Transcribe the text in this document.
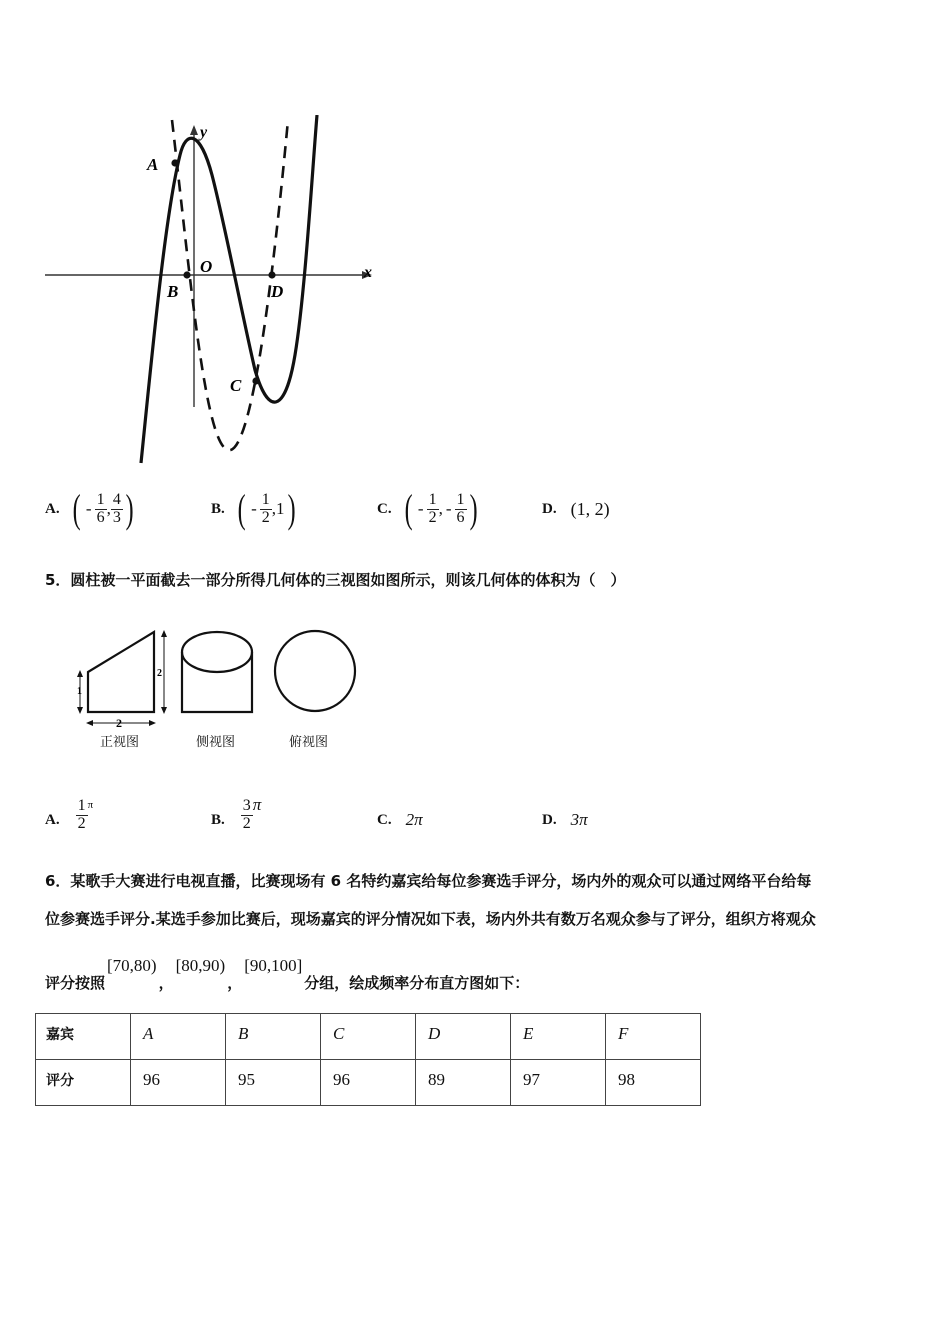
y
x
A
O
B	D
C
A. ( - $\frac{1}{6}$ , $\frac{4}{3}$ )	B. ( - $\frac{1}{2} ,1$ )	C. ( - $\frac{1}{2}$ , - $\frac{1}{6}$ )	D. (1, 2)
5．圆柱被一平面截去一部分所得几何体的三视图如图所示，则该几何体的体积为（　）
1
2
2
正视图	侧视图	俯视图
A. $\frac{1}{2}$ π
B. $\frac{3}{2}$ π
C. 2π	D. 3π
6．某歌手大赛进行电视直播，比赛现场有 6 名特约嘉宾给每位参赛选手评分，场内外的观众可以通过网络平台给每
位参赛选手评分.某选手参加比赛后，现场嘉宾的评分情况如下表，场内外共有数万名观众参与了评分，组织方将观众
评分按照
[70,80)
，
[80,90)
，
[90,100]
分组，绘成频率分布直方图如下：
嘉宾	A	B	C	D	E	F
评分	96	95	96	89	97	98
